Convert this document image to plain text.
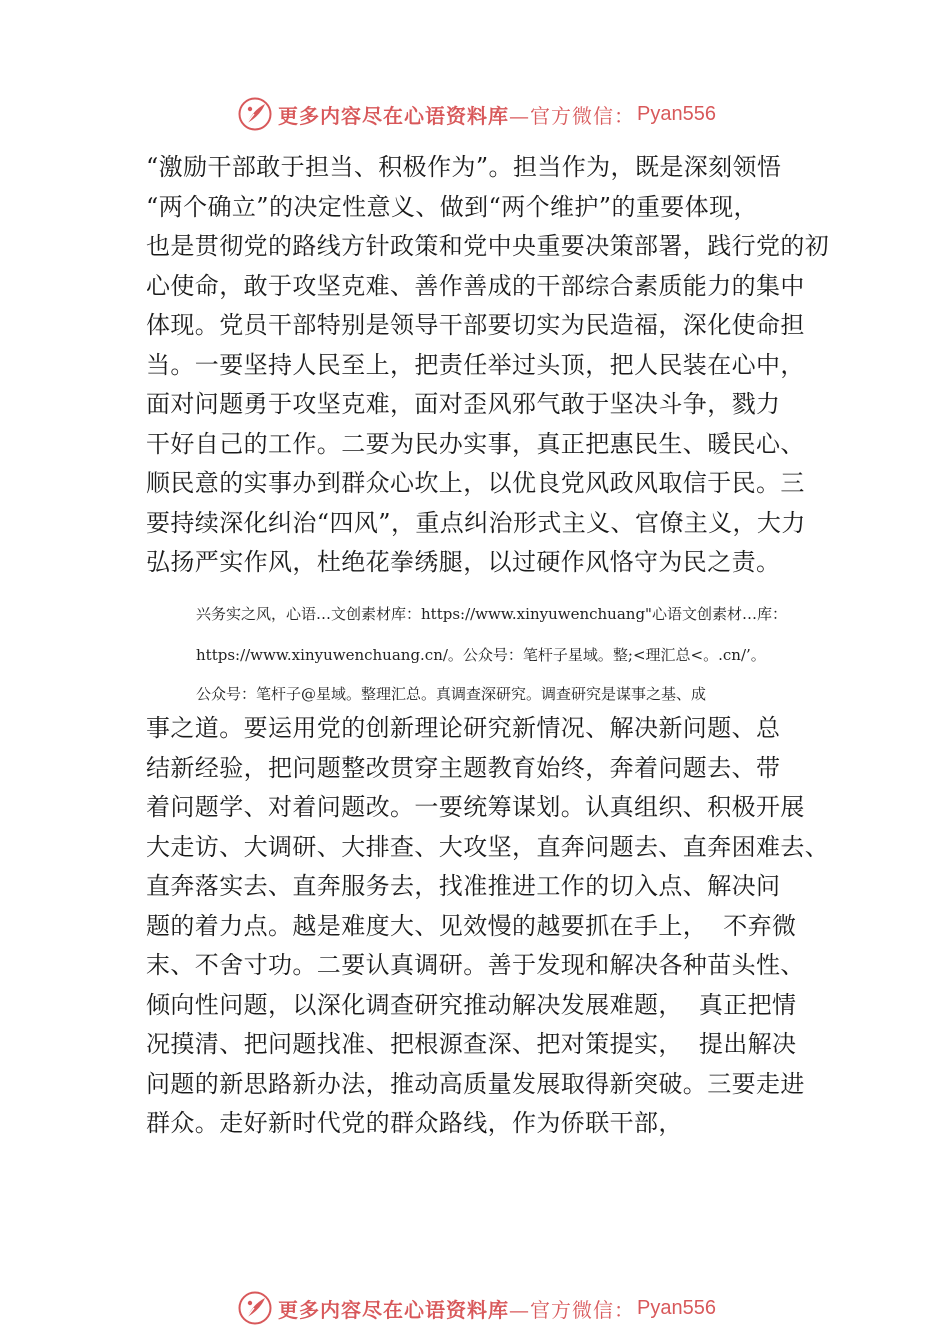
更多内容尽在心语资料库 —官方微信： Pyan556
“激励干部敢于担当、积极作为”。担当作为，既是深刻领悟
“两个确立”的决定性意义、做到“两个维护”的重要体现，
也是贯彻党的路线方针政策和党中央重要决策部署，践行党的初
心使命，敢于攻坚克难、善作善成的干部综合素质能力的集中
体现。党员干部特别是领导干部要切实为民造福，深化使命担
当。一要坚持人民至上，把责任举过头顶，把人民装在心中，
面对问题勇于攻坚克难，面对歪风邪气敢于坚决斗争，戮力
干好自己的工作。二要为民办实事，真正把惠民生、暖民心、
顺民意的实事办到群众心坎上，以优良党风政风取信于民。三
要持续深化纠治“四风”，重点纠治形式主义、官僚主义，大力
弘扬严实作风，杜绝花拳绣腿，以过硬作风恪守为民之责。
兴务实之风，心语…文创素材库：https://www.xinyuwenchuang"心语文创素材…库：
https://www.xinyuwenchuang.cn/。公众号：笔杆子星域。整;<理汇总<。.cn/’。
公众号：笔杆子@星域。整理汇总。真调查深研究。调查研究是谋事之基、成
事之道。要运用党的创新理论研究新情况、解决新问题、总
结新经验，把问题整改贯穿主题教育始终，奔着问题去、带
着问题学、对着问题改。一要统筹谋划。认真组织、积极开展
大走访、大调研、大排查、大攻坚，直奔问题去、直奔困难去、
直奔落实去、直奔服务去，找准推进工作的切入点、解决问
题的着力点。越是难度大、见效慢的越要抓在手上，  不弃微
末、不舍寸功。二要认真调研。善于发现和解决各种苗头性、
倾向性问题，以深化调查研究推动解决发展难题，  真正把情
况摸清、把问题找准、把根源查深、把对策提实，  提出解决
问题的新思路新办法，推动高质量发展取得新突破。三要走进
群众。走好新时代党的群众路线，作为侨联干部，
更多内容尽在心语资料库 —官方微信： Pyan556
